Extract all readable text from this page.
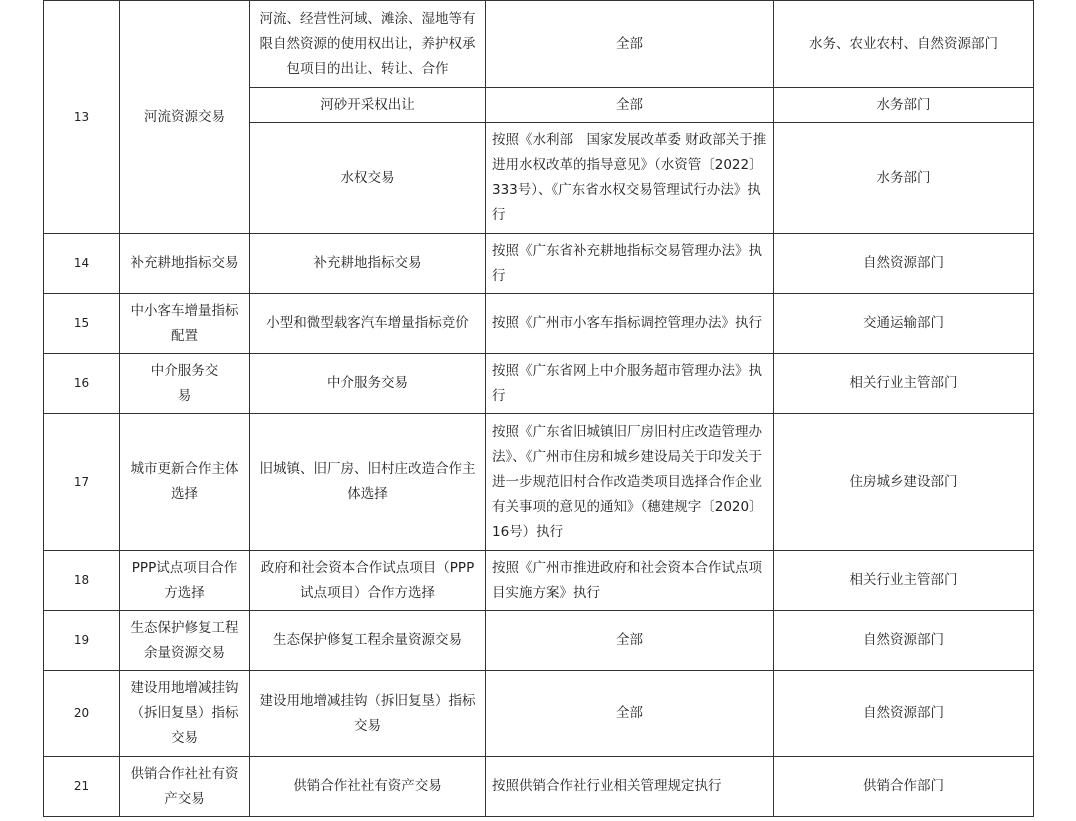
13	河流资源交易	河流、经营性河域、滩涂、湿地等有限自然资源的使用权出让，养护权承包项目的出让、转让、合作	全部	水务、农业农村、自然资源部门
		河砂开采权出让	全部	水务部门
		水权交易	按照《水利部　国家发展改革委 财政部关于推进用水权改革的指导意见》（水资管〔2022〕333号）、《广东省水权交易管理试行办法》执行	水务部门
14	补充耕地指标交易	补充耕地指标交易	按照《广东省补充耕地指标交易管理办法》执行	自然资源部门
15	中小客车增量指标配置	小型和微型载客汽车增量指标竞价	按照《广州市小客车指标调控管理办法》执行	交通运输部门
16	中介服务交易	中介服务交易	按照《广东省网上中介服务超市管理办法》执行	相关行业主管部门
17	城市更新合作主体选择	旧城镇、旧厂房、旧村庄改造合作主体选择	按照《广东省旧城镇旧厂房旧村庄改造管理办法》、《广州市住房和城乡建设局关于印发关于进一步规范旧村合作改造类项目选择合作企业有关事项的意见的通知》（穗建规字〔2020〕16号）执行	住房城乡建设部门
18	PPP试点项目合作方选择	政府和社会资本合作试点项目（PPP试点项目）合作方选择	按照《广州市推进政府和社会资本合作试点项目实施方案》执行	相关行业主管部门
19	生态保护修复工程余量资源交易	生态保护修复工程余量资源交易	全部	自然资源部门
20	建设用地增减挂钩（拆旧复垦）指标交易	建设用地增减挂钩（拆旧复垦）指标交易	全部	自然资源部门
21	供销合作社社有资产交易	供销合作社社有资产交易	按照供销合作社行业相关管理规定执行	供销合作部门
